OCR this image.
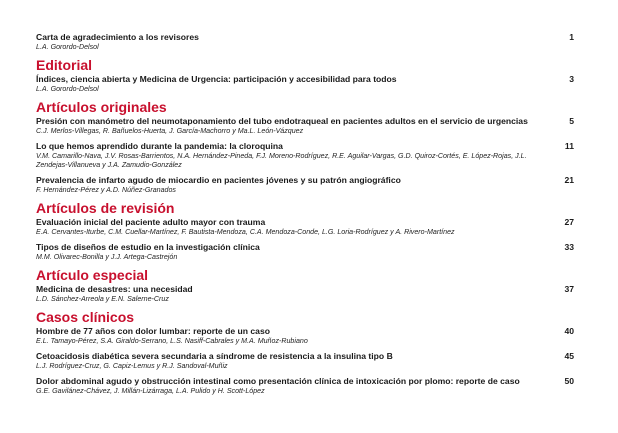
Carta de agradecimiento a los revisores
L.A. Gorordo-Delsol
1
Editorial
Índices, ciencia abierta y Medicina de Urgencia: participación y accesibilidad para todos
L.A. Gorordo-Delsol
3
Artículos originales
Presión con manómetro del neumotaponamiento del tubo endotraqueal en pacientes adultos en el servicio de urgencias
C.J. Merlos-Villegas, R. Bañuelos-Huerta, J. García-Machorro y Ma.L. León-Vázquez
5
Lo que hemos aprendido durante la pandemia: la cloroquina
V.M. Camarillo-Nava, J.V. Rosas-Barrientos, N.A. Hernández-Pineda, F.J. Moreno-Rodríguez, R.E. Aguilar-Vargas, G.D. Quiroz-Cortés, E. López-Rojas, J.L. Zendejas-Villanueva y J.A. Zamudio-González
11
Prevalencia de infarto agudo de miocardio en pacientes jóvenes y su patrón angiográfico
F. Hernández-Pérez y A.D. Núñez-Granados
21
Artículos de revisión
Evaluación inicial del paciente adulto mayor con trauma
E.A. Cervantes-Iturbe, C.M. Cuellar-Martínez, F. Bautista-Mendoza, C.A. Mendoza-Conde, L.G. Loria-Rodríguez y A. Rivero-Martínez
27
Tipos de diseños de estudio en la investigación clínica
M.M. Olivarec-Bonilla y J.J. Artega-Castrejón
33
Artículo especial
Medicina de desastres: una necesidad
L.D. Sánchez-Arreola y E.N. Salerne-Cruz
37
Casos clínicos
Hombre de 77 años con dolor lumbar: reporte de un caso
E.L. Tamayo-Pérez, S.A. Giraldo-Serrano, L.S. Nasiff-Cabrales y M.A. Muñoz-Rubiano
40
Cetoacidosis diabética severa secundaria a síndrome de resistencia a la insulina tipo B
L.J. Rodríguez-Cruz, G. Capiz-Lemus y R.J. Sandoval-Muñiz
45
Dolor abdominal agudo y obstrucción intestinal como presentación clínica de intoxicación por plomo: reporte de caso
G.E. Gavilánez-Chávez, J. Millán-Lizárraga, L.A. Pulido y H. Scott-López
50
